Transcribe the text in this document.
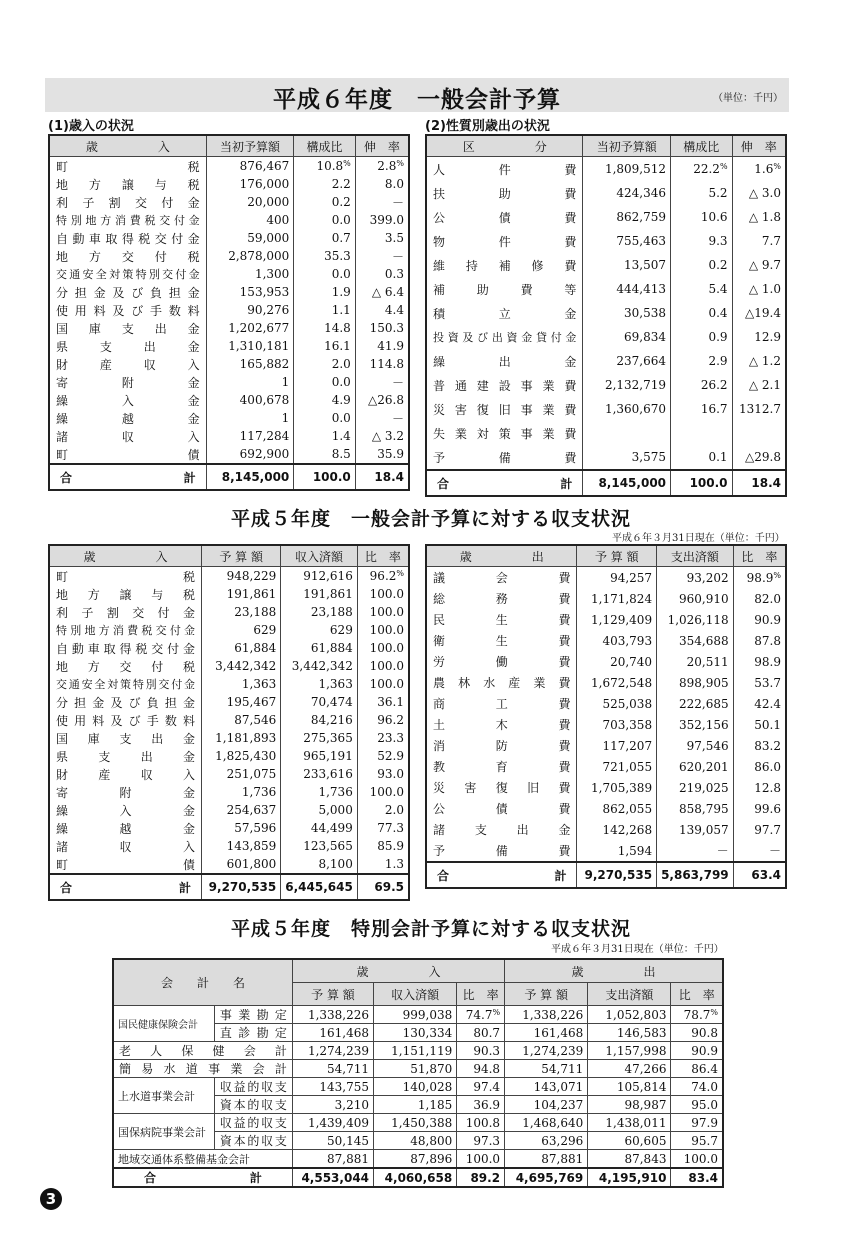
平成６年度　一般会計予算	（単位：千円）
(1)歳入の状況	(2)性質別歳出の状況
歳　　　　　入	当初予算額	構成比	伸　率
町　　　　　　税	876,467	10.8%	2.8%
地 方 譲 与 税	176,000	2.2	8.0
利子割交付金	20,000	0.2	－
特別地方消費税交付金	400	0.0	399.0
自動車取得税交付金	59,000	0.7	3.5
地 方 交 付 税	2,878,000	35.3	－
交通安全対策特別交付金	1,300	0.0	0.3
分担金及び負担金	153,953	1.9	△ 6.4
使用料及び手数料	90,276	1.1	4.4
国 庫 支 出 金	1,202,677	14.8	150.3
県　支　出　金	1,310,181	16.1	41.9
財　産　収　入	165,882	2.0	114.8
寄　　附　　金	1	0.0	－
繰　　入　　金	400,678	4.9	△26.8
繰　　越　　金	1	0.0	－
諸　　収　　入	117,284	1.4	△ 3.2
町　　　　　債	692,900	8.5	35.9
合　　　計	8,145,000	100.0	18.4
区　　　　　分	当初予算額	構成比	伸　率
人　　件　　費	1,809,512	22.2%	1.6%
扶　　助　　費	424,346	5.2	△ 3.0
公　　債　　費	862,759	10.6	△ 1.8
物　　件　　費	755,463	9.3	7.7
維 持 補 修 費	13,507	0.2	△ 9.7
補　助　費　等	444,413	5.4	△ 1.0
積　　立　　金	30,538	0.4	△19.4
投資及び出資金貸付金	69,834	0.9	12.9
繰　　出　　金	237,664	2.9	△ 1.2
普通建設事業費	2,132,719	26.2	△ 2.1
災害復旧事業費	1,360,670	16.7	1312.7
失業対策事業費			
予　　備　　費	3,575	0.1	△29.8
合　　　計	8,145,000	100.0	18.4
平成５年度　一般会計予算に対する収支状況
平成６年３月31日現在（単位：千円）
歳　　　　　入	予 算 額	収入済額	比　率
町　　　　　　税	948,229	912,616	96.2%
地 方 譲 与 税	191,861	191,861	100.0
利子割交付金	23,188	23,188	100.0
特別地方消費税交付金	629	629	100.0
自動車取得税交付金	61,884	61,884	100.0
地 方 交 付 税	3,442,342	3,442,342	100.0
交通安全対策特別交付金	1,363	1,363	100.0
分担金及び負担金	195,467	70,474	36.1
使用料及び手数料	87,546	84,216	96.2
国 庫 支 出 金	1,181,893	275,365	23.3
県　支　出　金	1,825,430	965,191	52.9
財　産　収　入	251,075	233,616	93.0
寄　　附　　金	1,736	1,736	100.0
繰　　入　　金	254,637	5,000	2.0
繰　　越　　金	57,596	44,499	77.3
諸　　収　　入	143,859	123,565	85.9
町　　　　　債	601,800	8,100	1.3
合　　　計	9,270,535	6,445,645	69.5
歳　　　　　出	予 算 額	支出済額	比　率
議　　会　　費	94,257	93,202	98.9%
総　　務　　費	1,171,824	960,910	82.0
民　　生　　費	1,129,409	1,026,118	90.9
衛　　生　　費	403,793	354,688	87.8
労　　働　　費	20,740	20,511	98.9
農林水産業費	1,672,548	898,905	53.7
商　　工　　費	525,038	222,685	42.4
土　　木　　費	703,358	352,156	50.1
消　　防　　費	117,207	97,546	83.2
教　　育　　費	721,055	620,201	86.0
災 害 復 旧 費	1,705,389	219,025	12.8
公　　債　　費	862,055	858,795	99.6
諸　支　出　金	142,268	139,057	97.7
予　　備　　費	1,594	－	－
合　　　計	9,270,535	5,863,799	63.4
平成５年度　特別会計予算に対する収支状況
平成６年３月31日現在（単位：千円）
会　　計　　名		歳　　　　　入			歳　　　　　出		
		予 算 額	収入済額	比　率	予 算 額	支出済額	比　率
国民健康保険会計	事業勘定	1,338,226	999,038	74.7%	1,338,226	1,052,803	78.7%
	直診勘定	161,468	130,334	80.7	161,468	146,583	90.8
老人保健会計		1,274,239	1,151,119	90.3	1,274,239	1,157,998	90.9
簡易水道事業会計		54,711	51,870	94.8	54,711	47,266	86.4
上水道事業会計	収益的収支	143,755	140,028	97.4	143,071	105,814	74.0
	資本的収支	3,210	1,185	36.9	104,237	98,987	95.0
国保病院事業会計	収益的収支	1,439,409	1,450,388	100.8	1,468,640	1,438,011	97.9
	資本的収支	50,145	48,800	97.3	63,296	60,605	95.7
地域交通体系整備基金会計		87,881	87,896	100.0	87,881	87,843	100.0
合　　　　計		4,553,044	4,060,658	89.2	4,695,769	4,195,910	83.4
3
